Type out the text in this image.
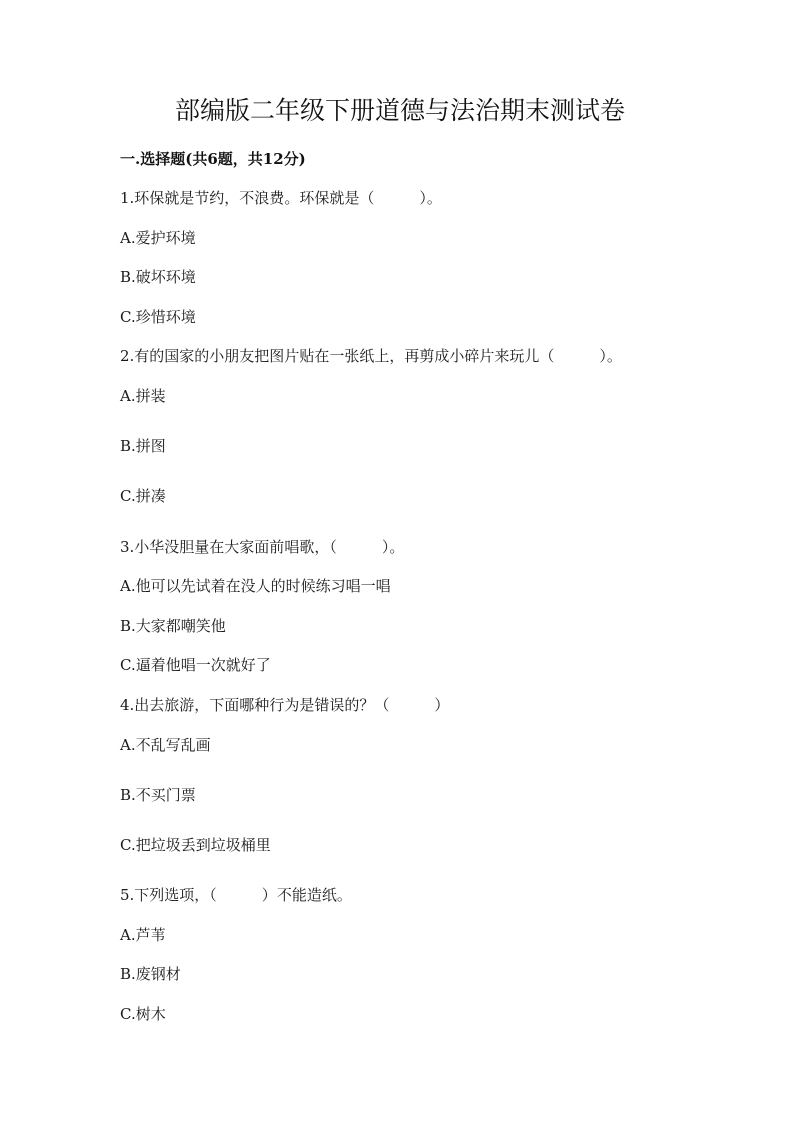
部编版二年级下册道德与法治期末测试卷
一.选择题(共6题，共12分)
1.环保就是节约，不浪费。环保就是（　　　）。
A.爱护环境
B.破坏环境
C.珍惜环境
2.有的国家的小朋友把图片贴在一张纸上，再剪成小碎片来玩儿（　　　）。
A.拼装
B.拼图
C.拼凑
3.小华没胆量在大家面前唱歌，（　　　）。
A.他可以先试着在没人的时候练习唱一唱
B.大家都嘲笑他
C.逼着他唱一次就好了
4.出去旅游，下面哪种行为是错误的？（　　　）
A.不乱写乱画
B.不买门票
C.把垃圾丢到垃圾桶里
5.下列选项，（　　　）不能造纸。
A.芦苇
B.废钢材
C.树木
